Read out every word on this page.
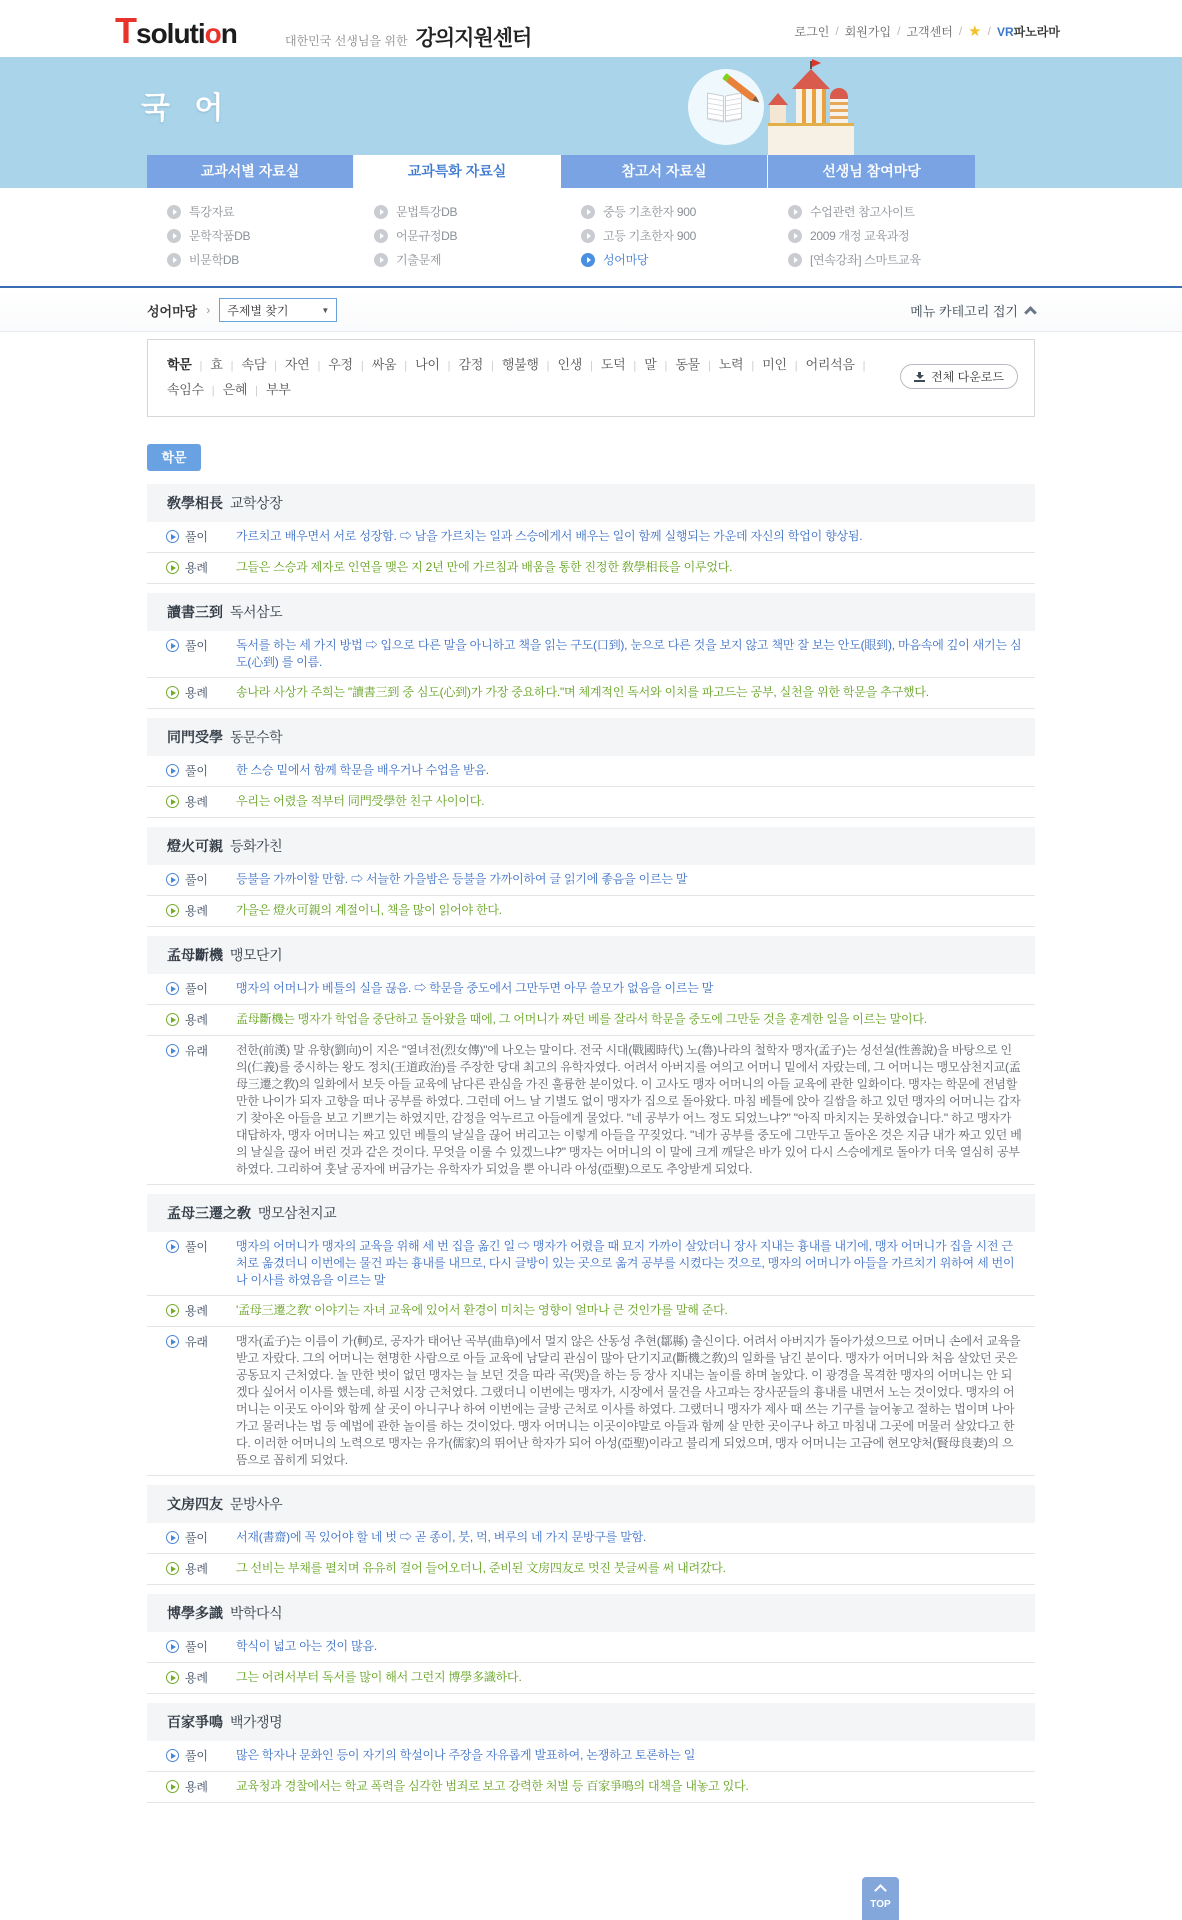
Tsolution	대한민국 선생님을 위한 강의지원센터	로그인 / 회원가입 / 고객센터 / ★ / VR파노라마
국 어
교과서별 자료실	교과특화 자료실	참고서 자료실	선생님 참여마당
특강자료
문학작품DB
비문학DB
문법특강DB
어문규정DB
기출문제
중등 기초한자 900
고등 기초한자 900
성어마당
수업관련 참고사이트
2009 개정 교육과정
[연속강좌] 스마트교육
성어마당 › 주제별 찾기	▼	메뉴 카테고리 접기
학문 | 효 | 속담 | 자연 | 우정 | 싸움 | 나이 | 감정 | 행불행 | 인생 | 도덕 | 말 | 동물 | 노력 | 미인 | 어리석음 |
속임수 | 은혜 | 부부
전체 다운로드
학문
敎學相長 교학상장
풀이 가르치고 배우면서 서로 성장함. ⇨ 남을 가르치는 일과 스승에게서 배우는 일이 함께 실행되는 가운데 자신의 학업이 향상됨.
용례 그들은 스승과 제자로 인연을 맺은 지 2년 만에 가르침과 배움을 통한 진정한 敎學相長을 이루었다.
讀書三到 독서삼도
풀이 독서를 하는 세 가지 방법 ⇨ 입으로 다른 말을 아니하고 책을 읽는 구도(口到), 눈으로 다른 것을 보지 않고 책만 잘 보는 안도(眼到), 마음속에 깊이 새기는 심도(心到) 를 이름.
용례 송나라 사상가 주희는 "讀書三到 중 심도(心到)가 가장 중요하다."며 체계적인 독서와 이치를 파고드는 공부, 실천을 위한 학문을 추구했다.
同門受學 동문수학
풀이 한 스승 밑에서 함께 학문을 배우거나 수업을 받음.
용례 우리는 어렸을 적부터 同門受學한 친구 사이이다.
燈火可親 등화가친
풀이 등불을 가까이할 만함. ⇨ 서늘한 가을밤은 등불을 가까이하여 글 읽기에 좋음을 이르는 말
용례 가을은 燈火可親의 계절이니, 책을 많이 읽어야 한다.
孟母斷機 맹모단기
풀이 맹자의 어머니가 베틀의 실을 끊음. ⇨ 학문을 중도에서 그만두면 아무 쓸모가 없음을 이르는 말
용례 孟母斷機는 맹자가 학업을 중단하고 돌아왔을 때에, 그 어머니가 짜던 베를 잘라서 학문을 중도에 그만둔 것을 훈계한 일을 이르는 말이다.
유래 전한(前漢) 말 유향(劉向)이 지은 "열녀전(烈女傳)"에 나오는 말이다. 전국 시대(戰國時代) 노(魯)나라의 철학자 맹자(孟子)는 성선설(性善說)을 바탕으로 인의(仁義)를 중시하는 왕도 정치(王道政治)를 주장한 당대 최고의 유학자였다. 어려서 아버지를 여의고 어머니 밑에서 자랐는데, 그 어머니는 맹모삼천지교(孟母三遷之敎)의 일화에서 보듯 아들 교육에 남다른 관심을 가진 훌륭한 분이었다. 이 고사도 맹자 어머니의 아들 교육에 관한 일화이다. 맹자는 학문에 전념할 만한 나이가 되자 고향을 떠나 공부를 하였다. 그런데 어느 날 기별도 없이 맹자가 집으로 돌아왔다. 마침 베틀에 앉아 길쌈을 하고 있던 맹자의 어머니는 갑자기 찾아온 아들을 보고 기쁘기는 하였지만, 감정을 억누르고 아들에게 물었다. "네 공부가 어느 정도 되었느냐?" "아직 마치지는 못하였습니다." 하고 맹자가 대답하자, 맹자 어머니는 짜고 있던 베틀의 날실을 끊어 버리고는 이렇게 아들을 꾸짖었다. "네가 공부를 중도에 그만두고 돌아온 것은 지금 내가 짜고 있던 베의 날실을 끊어 버린 것과 같은 것이다. 무엇을 이룰 수 있겠느냐?" 맹자는 어머니의 이 말에 크게 깨달은 바가 있어 다시 스승에게로 돌아가 더욱 열심히 공부하였다. 그리하여 훗날 공자에 버금가는 유학자가 되었을 뿐 아니라 아성(亞聖)으로도 추앙받게 되었다.
孟母三遷之敎 맹모삼천지교
풀이 맹자의 어머니가 맹자의 교육을 위해 세 번 집을 옮긴 일 ⇨ 맹자가 어렸을 때 묘지 가까이 살았더니 장사 지내는 흉내를 내기에, 맹자 어머니가 집을 시전 근처로 옮겼더니 이번에는 물건 파는 흉내를 내므로, 다시 글방이 있는 곳으로 옮겨 공부를 시켰다는 것으로, 맹자의 어머니가 아들을 가르치기 위하여 세 번이나 이사를 하였음을 이르는 말
용례 '孟母三遷之敎' 이야기는 자녀 교육에 있어서 환경이 미치는 영향이 얼마나 큰 것인가를 말해 준다.
유래 맹자(孟子)는 이름이 가(軻)로, 공자가 태어난 곡부(曲阜)에서 멀지 않은 산동성 추현(鄒縣) 출신이다. 어려서 아버지가 돌아가셨으므로 어머니 손에서 교육을 받고 자랐다. 그의 어머니는 현명한 사람으로 아들 교육에 남달리 관심이 많아 단기지교(斷機之敎)의 일화를 남긴 분이다. 맹자가 어머니와 처음 살았던 곳은 공동묘지 근처였다. 놀 만한 벗이 없던 맹자는 늘 보던 것을 따라 곡(哭)을 하는 등 장사 지내는 놀이를 하며 놀았다. 이 광경을 목격한 맹자의 어머니는 안 되겠다 싶어서 이사를 했는데, 하필 시장 근처였다. 그랬더니 이번에는 맹자가, 시장에서 물건을 사고파는 장사꾼들의 흉내를 내면서 노는 것이었다. 맹자의 어머니는 이곳도 아이와 함께 살 곳이 아니구나 하여 이번에는 글방 근처로 이사를 하였다. 그랬더니 맹자가 제사 때 쓰는 기구를 늘어놓고 절하는 법이며 나아가고 물러나는 법 등 예법에 관한 놀이를 하는 것이었다. 맹자 어머니는 이곳이야말로 아들과 함께 살 만한 곳이구나 하고 마침내 그곳에 머물러 살았다고 한다. 이러한 어머니의 노력으로 맹자는 유가(儒家)의 뛰어난 학자가 되어 아성(亞聖)이라고 불리게 되었으며, 맹자 어머니는 고금에 현모양처(賢母良妻)의 으뜸으로 꼽히게 되었다.
文房四友 문방사우
풀이 서재(書齋)에 꼭 있어야 할 네 벗 ⇨ 곧 종이, 붓, 먹, 벼루의 네 가지 문방구를 말함.
용례 그 선비는 부채를 펼치며 유유히 걸어 들어오더니, 준비된 文房四友로 멋진 붓글씨를 써 내려갔다.
博學多識 박학다식
풀이 학식이 넓고 아는 것이 많음.
용례 그는 어려서부터 독서를 많이 해서 그런지 博學多識하다.
百家爭鳴 백가쟁명
풀이 많은 학자나 문화인 등이 자기의 학설이나 주장을 자유롭게 발표하여, 논쟁하고 토론하는 일
용례 교육청과 경찰에서는 학교 폭력을 심각한 범죄로 보고 강력한 처벌 등 百家爭鳴의 대책을 내놓고 있다.
TOP
